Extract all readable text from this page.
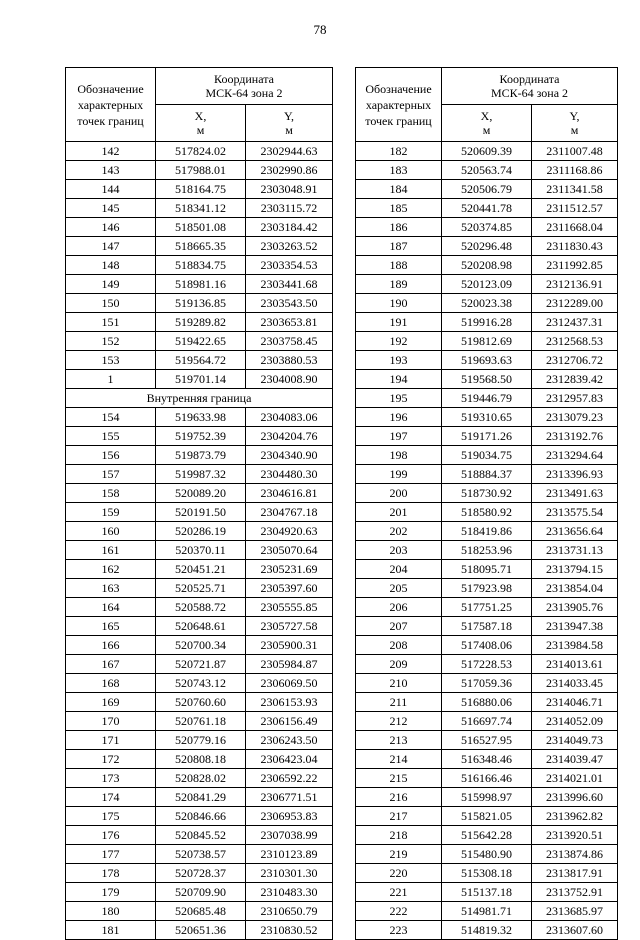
78
Обозначение характерных точек границ	Координата
МСК-64 зона 2	
	X,
м	Y,
м
142	517824.02	2302944.63
143	517988.01	2302990.86
144	518164.75	2303048.91
145	518341.12	2303115.72
146	518501.08	2303184.42
147	518665.35	2303263.52
148	518834.75	2303354.53
149	518981.16	2303441.68
150	519136.85	2303543.50
151	519289.82	2303653.81
152	519422.65	2303758.45
153	519564.72	2303880.53
1	519701.14	2304008.90
Внутренняя граница		
154	519633.98	2304083.06
155	519752.39	2304204.76
156	519873.79	2304340.90
157	519987.32	2304480.30
158	520089.20	2304616.81
159	520191.50	2304767.18
160	520286.19	2304920.63
161	520370.11	2305070.64
162	520451.21	2305231.69
163	520525.71	2305397.60
164	520588.72	2305555.85
165	520648.61	2305727.58
166	520700.34	2305900.31
167	520721.87	2305984.87
168	520743.12	2306069.50
169	520760.60	2306153.93
170	520761.18	2306156.49
171	520779.16	2306243.50
172	520808.18	2306423.04
173	520828.02	2306592.22
174	520841.29	2306771.51
175	520846.66	2306953.83
176	520845.52	2307038.99
177	520738.57	2310123.89
178	520728.37	2310301.30
179	520709.90	2310483.30
180	520685.48	2310650.79
181	520651.36	2310830.52
Обозначение характерных точек границ	Координата
МСК-64 зона 2	
	X,
м	Y,
м
182	520609.39	2311007.48
183	520563.74	2311168.86
184	520506.79	2311341.58
185	520441.78	2311512.57
186	520374.85	2311668.04
187	520296.48	2311830.43
188	520208.98	2311992.85
189	520123.09	2312136.91
190	520023.38	2312289.00
191	519916.28	2312437.31
192	519812.69	2312568.53
193	519693.63	2312706.72
194	519568.50	2312839.42
195	519446.79	2312957.83
196	519310.65	2313079.23
197	519171.26	2313192.76
198	519034.75	2313294.64
199	518884.37	2313396.93
200	518730.92	2313491.63
201	518580.92	2313575.54
202	518419.86	2313656.64
203	518253.96	2313731.13
204	518095.71	2313794.15
205	517923.98	2313854.04
206	517751.25	2313905.76
207	517587.18	2313947.38
208	517408.06	2313984.58
209	517228.53	2314013.61
210	517059.36	2314033.45
211	516880.06	2314046.71
212	516697.74	2314052.09
213	516527.95	2314049.73
214	516348.46	2314039.47
215	516166.46	2314021.01
216	515998.97	2313996.60
217	515821.05	2313962.82
218	515642.28	2313920.51
219	515480.90	2313874.86
220	515308.18	2313817.91
221	515137.18	2313752.91
222	514981.71	2313685.97
223	514819.32	2313607.60
